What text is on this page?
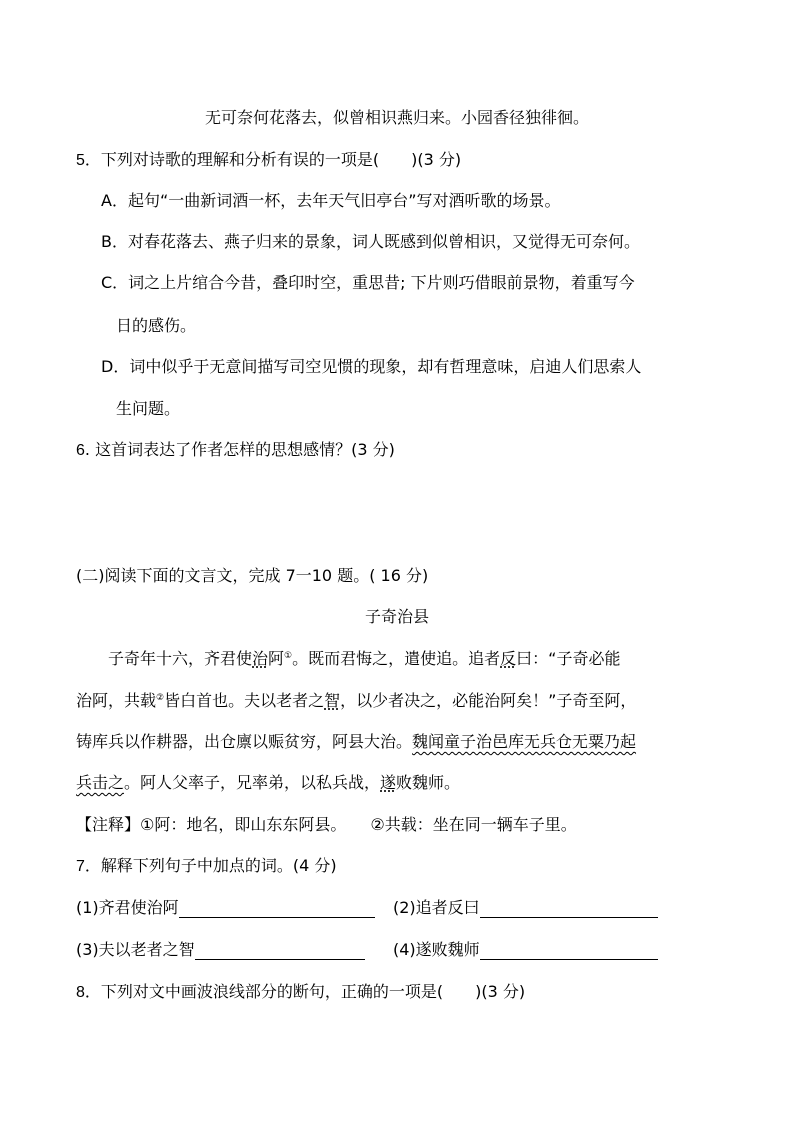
无可奈何花落去，似曾相识燕归来。小园香径独徘徊。
5．下列对诗歌的理解和分析有误的一项是(　　)(3 分)
A．起句“一曲新词酒一杯，去年天气旧亭台”写对酒听歌的场景。
B．对春花落去、燕子归来的景象，词人既感到似曾相识，又觉得无可奈何。
C．词之上片绾合今昔，叠印时空，重思昔; 下片则巧借眼前景物，着重写今
日的感伤。
D．词中似乎于无意间描写司空见惯的现象，却有哲理意味，启迪人们思索人
生问题。
6. 这首词表达了作者怎样的思想感情？(3 分)
(二)阅读下面的文言文，完成 7一10 题。( 16 分)
子奇治县
子奇年十六，齐君使治阿①。既而君悔之，遣使追。追者反曰：“子奇必能
治阿，共载②皆白首也。夫以老者之智，以少者决之，必能治阿矣！”子奇至阿，
铸库兵以作耕器，出仓廪以赈贫穷，阿县大治。魏闻童子治邑库无兵仓无粟乃起
兵击之。阿人父率子，兄率弟，以私兵战，遂败魏师。
【注释】①阿：地名，即山东东阿县。　　②共载：坐在同一辆车子里。
7．解释下列句子中加点的词。(4 分)
(1)齐君使治阿	(2)追者反曰
(3)夫以老者之智	(4)遂败魏师
8．下列对文中画波浪线部分的断句，正确的一项是(　　)(3 分)
